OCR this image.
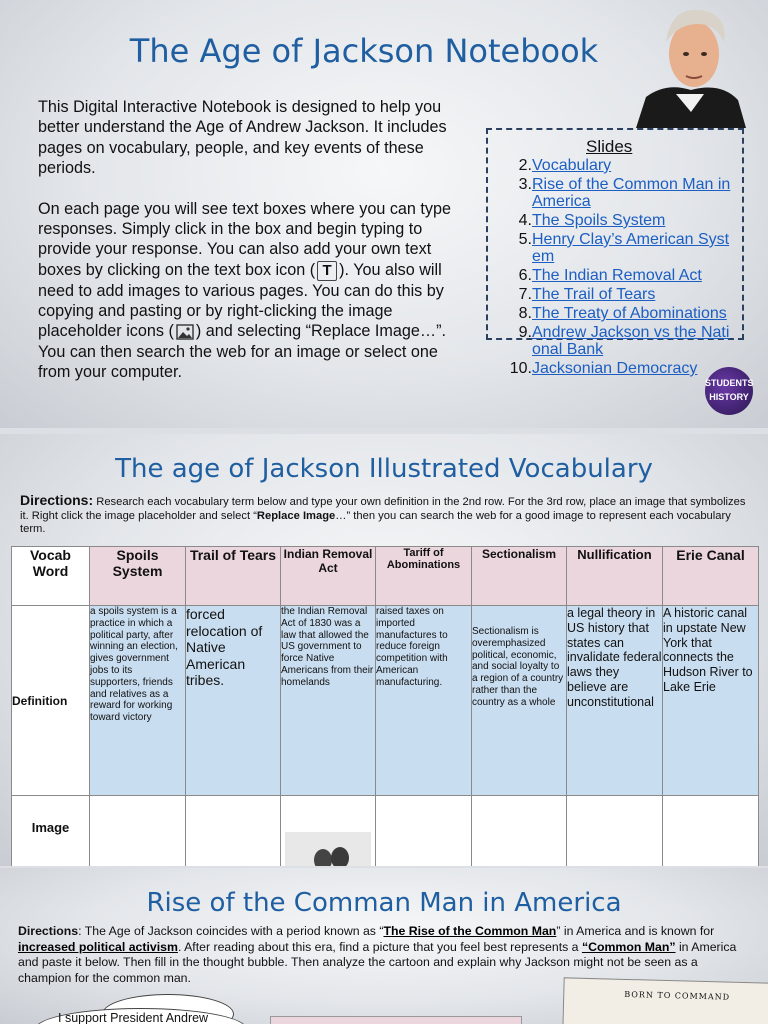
The Age of Jackson Notebook

This Digital Interactive Notebook is designed to help you better understand the Age of Andrew Jackson. It includes pages on vocabulary, people, and key events of these periods.

On each page you will see text boxes where you can type responses. Simply click in the box and begin typing to provide your response. You can also add your own text boxes by clicking on the text box icon ( T ). You also will need to add images to various pages. You can do this by copying and pasting or by right-clicking the image placeholder icons ( ) and selecting “Replace Image…”. You can then search the web for an image or select one from your computer.

Slides
2. Vocabulary
3. Rise of the Common Man in America
4. The Spoils System
5. Henry Clay’s American System
6. The Indian Removal Act
7. The Trail of Tears
8. The Treaty of Abominations
9. Andrew Jackson vs the National Bank
10. Jacksonian Democracy
STUDENTS
HISTORY
The age of Jackson Illustrated Vocabulary
Directions: Research each vocabulary term below and type your own definition in the 2nd row. For the 3rd row, place an image that symbolizes it. Right click the image placeholder and select “Replace Image…” then you can search the web for a good image to represent each vocabulary term.
Vocab Word	Spoils System	Trail of Tears	Indian Removal Act	Tariff of Abominations	Sectionalism	Nullification	Erie Canal
Definition	a spoils system is a practice in which a political party, after winning an election, gives government jobs to its supporters, friends and relatives as a reward for working toward victory	forced relocation of Native American tribes.	the Indian Removal Act of 1830 was a law that allowed the US government to force Native Americans from their homelands	raised taxes on imported manufactures to reduce foreign competition with American manufacturing.	Sectionalism is overemphasized political, economic, and social loyalty to a region of a country rather than the country as a whole	a legal theory in US history that states can invalidate federal laws they believe are unconstitutional	A historic canal in upstate New York that connects the Hudson River to Lake Erie
Image	

Rise of the Comman Man in America
Directions: The Age of Jackson coincides with a period known as “The Rise of the Common Man” in America and is known for increased political activism. After reading about this era, find a picture that you feel best represents a “Common Man” in America and paste it below. Then fill in the thought bubble. Then analyze the cartoon and explain why Jackson might not be seen as a champion for the common man.
I support President Andrew
BORN TO COMMAND
